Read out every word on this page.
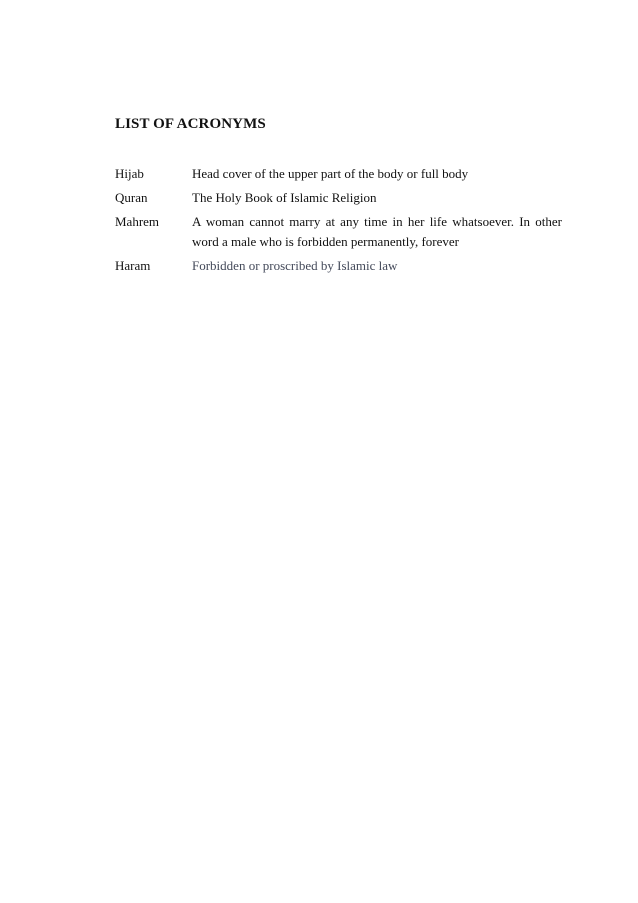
LIST OF ACRONYMS
Hijab	Head cover of the upper part of the body or full body
Quran	The Holy Book of Islamic Religion
Mahrem	A woman cannot marry at any time in her life whatsoever. In other word a male who is forbidden permanently, forever
Haram	Forbidden or proscribed by Islamic law
